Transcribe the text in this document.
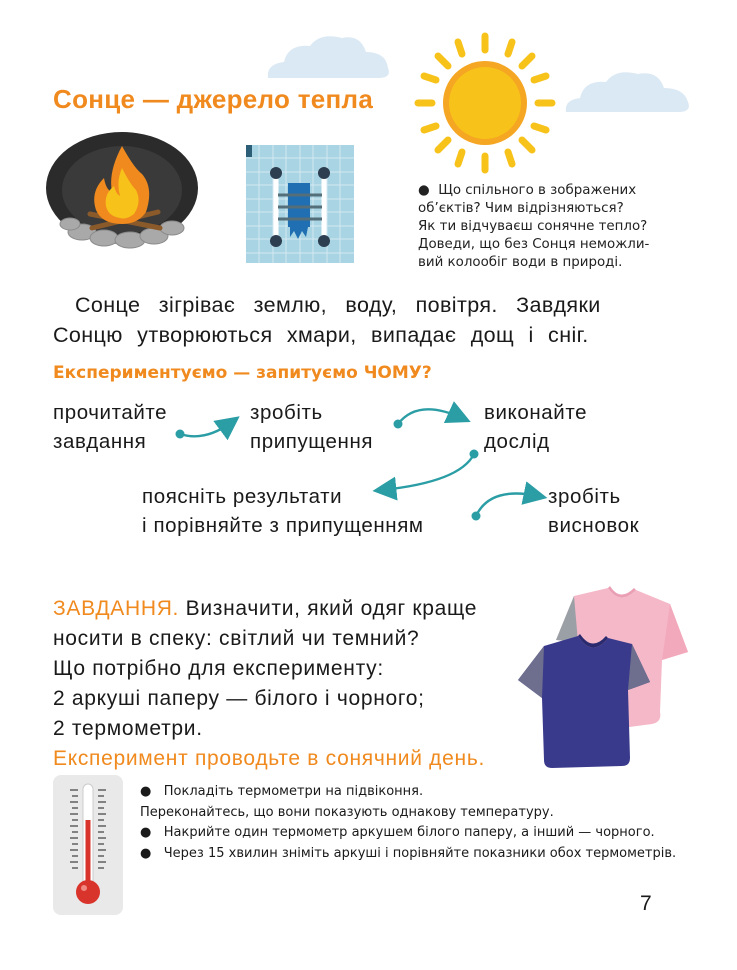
Сонце — джерело тепла
● Що спільного в зображених
об’єктів? Чим відрізняються?
Як ти відчуваєш сонячне тепло?
Доведи, що без Сонця неможли-
вий колообіг води в природі.
Сонце зігріває землю, воду, повітря. Завдяки
Сонцю утворюються хмари, випадає дощ і сніг.
Експериментуємо — запитуємо ЧОМУ?
прочитайте
завдання
зробіть
припущення
виконайте
дослід
поясніть результати
і порівняйте з припущенням
зробіть
висновок
ЗАВДАННЯ. Визначити, який одяг краще
носити в спеку: світлий чи темний?
Що потрібно для експерименту:
2 аркуші паперу — білого і чорного;
2 термометри.
Експеримент проводьте в сонячний день.
● Покладіть термометри на підвіконня.
Переконайтесь, що вони показують однакову температуру.
● Накрийте один термометр аркушем білого паперу, а інший — чорного.
● Через 15 хвилин зніміть аркуші і порівняйте показники обох термометрів.
7
